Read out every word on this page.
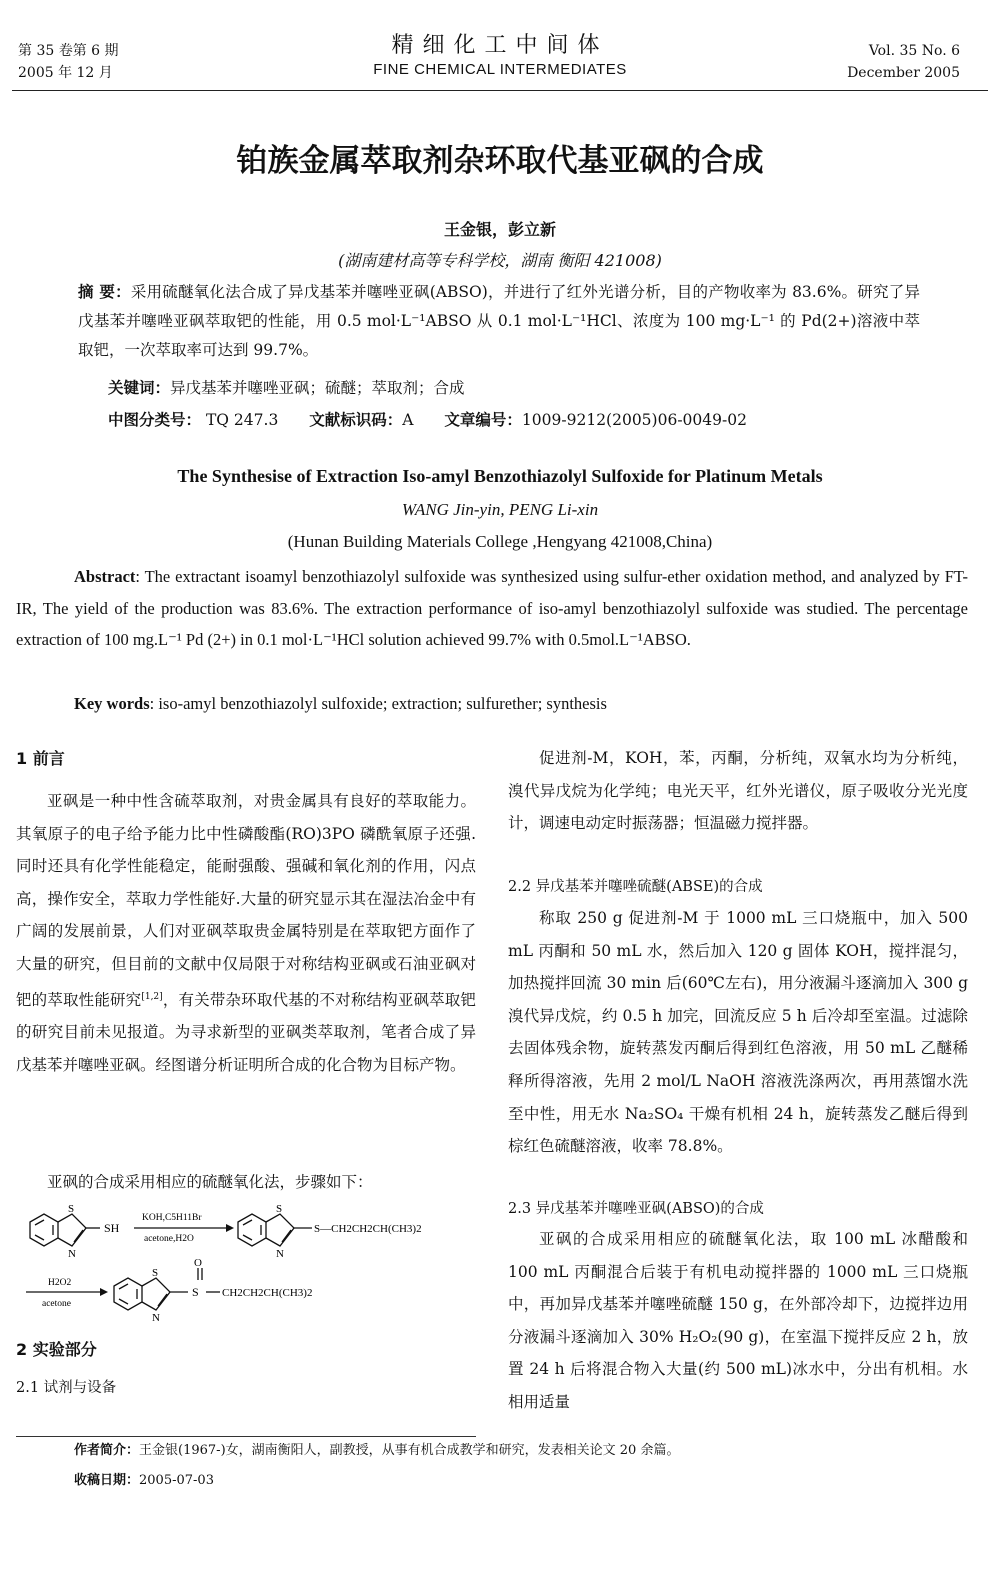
第 35 卷第 6 期
2005 年 12 月
精细化工中间体
FINE CHEMICAL INTERMEDIATES
Vol. 35 No. 6
December 2005
铂族金属萃取剂杂环取代基亚砜的合成
王金银，彭立新
(湖南建材高等专科学校，湖南 衡阳 421008)
摘 要：采用硫醚氧化法合成了异戊基苯并噻唑亚砜(ABSO)，并进行了红外光谱分析，目的产物收率为 83.6%。研究了异戊基苯并噻唑亚砜萃取钯的性能，用 0.5 mol·L⁻¹ABSO 从 0.1 mol·L⁻¹HCl、浓度为 100 mg·L⁻¹ 的 Pd(2+)溶液中萃取钯，一次萃取率可达到 99.7%。
关键词：异戊基苯并噻唑亚砜；硫醚；萃取剂；合成
中图分类号： TQ 247.3 文献标识码：A 文章编号：1009-9212(2005)06-0049-02
The Synthesise of Extraction Iso-amyl Benzothiazolyl Sulfoxide for Platinum Metals
WANG Jin-yin, PENG Li-xin
(Hunan Building Materials College ,Hengyang 421008,China)
Abstract: The extractant isoamyl benzothiazolyl sulfoxide was synthesized using sulfur-ether oxidation method, and analyzed by FT-IR, The yield of the production was 83.6%. The extraction performance of iso-amyl benzothiazolyl sulfoxide was studied. The percentage extraction of 100 mg.L⁻¹ Pd (2+) in 0.1 mol·L⁻¹HCl solution achieved 99.7% with 0.5mol.L⁻¹ABSO.
Key words: iso-amyl benzothiazolyl sulfoxide; extraction; sulfurether; synthesis
1 前言
亚砜是一种中性含硫萃取剂，对贵金属具有良好的萃取能力。其氧原子的电子给予能力比中性磷酸酯(RO)3PO 磷酰氧原子还强.同时还具有化学性能稳定，能耐强酸、强碱和氧化剂的作用，闪点高，操作安全，萃取力学性能好.大量的研究显示其在湿法冶金中有广阔的发展前景，人们对亚砜萃取贵金属特别是在萃取钯方面作了大量的研究，但目前的文献中仅局限于对称结构亚砜或石油亚砜对钯的萃取性能研究[1,2]，有关带杂环取代基的不对称结构亚砜萃取钯的研究目前未见报道。为寻求新型的亚砜类萃取剂，笔者合成了异戊基苯并噻唑亚砜。经图谱分析证明所合成的化合物为目标产物。
亚砜的合成采用相应的硫醚氧化法，步骤如下：
S
N
SH
KOH,C5H11Br
acetone,H2O
S
N
S—CH2CH2CH(CH3)2
H2O2
acetone
S
N
O
S CH2CH2CH(CH3)2
2 实验部分
2.1 试剂与设备
促进剂-M，KOH，苯，丙酮，分析纯，双氧水均为分析纯，溴代异戊烷为化学纯；电光天平，红外光谱仪，原子吸收分光光度计，调速电动定时振荡器；恒温磁力搅拌器。
2.2 异戊基苯并噻唑硫醚(ABSE)的合成
称取 250 g 促进剂-M 于 1000 mL 三口烧瓶中，加入 500 mL 丙酮和 50 mL 水，然后加入 120 g 固体 KOH，搅拌混匀，加热搅拌回流 30 min 后(60℃左右)，用分液漏斗逐滴加入 300 g 溴代异戊烷，约 0.5 h 加完，回流反应 5 h 后冷却至室温。过滤除去固体残余物，旋转蒸发丙酮后得到红色溶液，用 50 mL 乙醚稀释所得溶液，先用 2 mol/L NaOH 溶液洗涤两次，再用蒸馏水洗至中性，用无水 Na₂SO₄ 干燥有机相 24 h，旋转蒸发乙醚后得到棕红色硫醚溶液，收率 78.8%。
2.3 异戊基苯并噻唑亚砜(ABSO)的合成
亚砜的合成采用相应的硫醚氧化法，取 100 mL 冰醋酸和 100 mL 丙酮混合后装于有机电动搅拌器的 1000 mL 三口烧瓶中，再加异戊基苯并噻唑硫醚 150 g，在外部冷却下，边搅拌边用分液漏斗逐滴加入 30% H₂O₂(90 g)，在室温下搅拌反应 2 h，放置 24 h 后将混合物入大量(约 500 mL)冰水中，分出有机相。水相用适量
作者简介：王金银(1967-)女，湖南衡阳人，副教授，从事有机合成教学和研究，发表相关论文 20 余篇。
收稿日期：2005-07-03
